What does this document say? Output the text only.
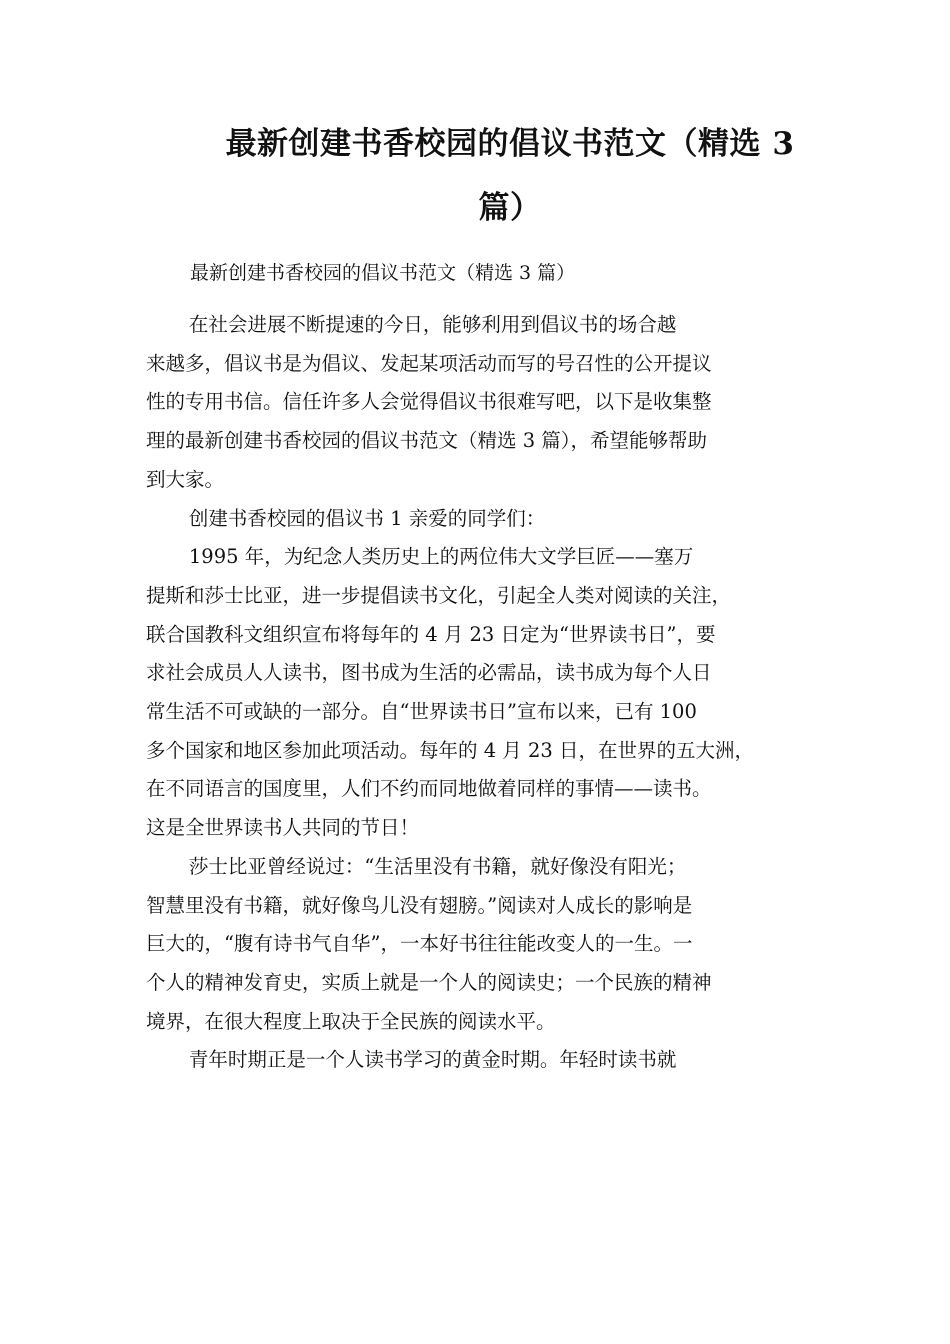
最新创建书香校园的倡议书范文（精选 3
篇）
最新创建书香校园的倡议书范文（精选 3 篇）

在社会进展不断提速的今日，能够利用到倡议书的场合越
来越多，倡议书是为倡议、发起某项活动而写的号召性的公开提议
性的专用书信。信任许多人会觉得倡议书很难写吧，以下是收集整
理的最新创建书香校园的倡议书范文（精选 3 篇），希望能够帮助
到大家。

创建书香校园的倡议书 1 亲爱的同学们：

1995 年，为纪念人类历史上的两位伟大文学巨匠——塞万
提斯和莎士比亚，进一步提倡读书文化，引起全人类对阅读的关注，
联合国教科文组织宣布将每年的 4 月 23 日定为“世界读书日”，要
求社会成员人人读书，图书成为生活的必需品，读书成为每个人日
常生活不可或缺的一部分。自“世界读书日”宣布以来，已有 100
多个国家和地区参加此项活动。每年的 4 月 23 日，在世界的五大洲，
在不同语言的国度里，人们不约而同地做着同样的事情——读书。
这是全世界读书人共同的节日！

莎士比亚曾经说过：“生活里没有书籍，就好像没有阳光；
智慧里没有书籍，就好像鸟儿没有翅膀。”阅读对人成长的影响是
巨大的，“腹有诗书气自华”，一本好书往往能改变人的一生。一
个人的精神发育史，实质上就是一个人的阅读史；一个民族的精神
境界，在很大程度上取决于全民族的阅读水平。

青年时期正是一个人读书学习的黄金时期。年轻时读书就
